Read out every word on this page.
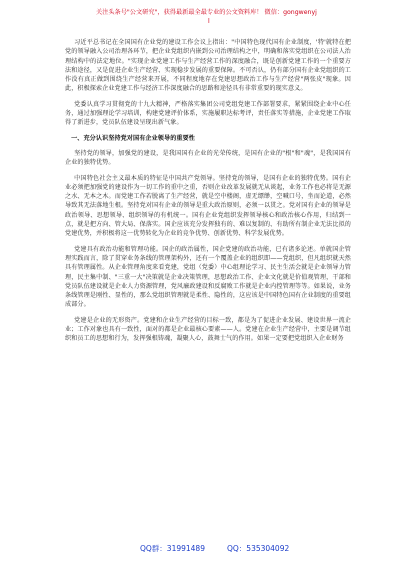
关注头条号"公文研究"，获得最新最全最专业的公文资料库！ 微信：gongwenyj
l

习近平总书记在全国国有企业党的建设工作会议上指出："中国特色现代国有企业制度，'特'就特在把党的领导融入公司治理各环节，把企业党组织内嵌到公司治理结构之中，明确和落实党组织在公司法人治理结构中的法定地位。"实现企业党建工作与生产经营工作的深度融合，既是创新党建工作的一个重要方法和途径，又是促进企业生产经营、实现稳步发展的重要保障。不可否认，仍有部分国有企业党组织的工作没有真正做到围绕生产经营来开展，不同程度地存在党建思想政治工作与生产经营"两张皮"现象。因此，积极探索企业党建工作与经济工作深度融合的思路和途径具有非常重要的现实意义。

党委认真学习贯彻党的十九大精神，严格落实集团公司党组党建工作部署要求，紧紧围绕企业中心任务，通过加强理论学习培训，构建党建评价体系，实施履职达标考评，责任落实等措施，企业党建工作取得了新进步，党员队伍建设呈现出新气象。

一、充分认识坚持党对国有企业领导的重要性

坚持党的领导，加强党的建设，是我国国有企业的光荣传统，是国有企业的"根"和"魂"，是我国国有企业的独特优势。

中国特色社会主义最本质的特征是中国共产党领导。坚持党的领导，是国有企业的独特优势。国有企业必须把加强党的建设作为一切工作的重中之重，否则企业改革发展就无从谈起，业务工作也必将是无源之水、无本之木。而党建工作若脱离了生产经营，就是空中楼阁，虚无缥缈，空喊口号，坐而论道，必然导致其无法落地生根。坚持党对国有企业的领导是重大政治原则，必须一以贯之。党对国有企业的领导是政治领导、思想领导、组织领导的有机统一。国有企业党组织发挥领导核心和政治核心作用，归结到一点，就是把方向、管大局、保落实。国企应该充分发挥独有的、难以复制的、有助所有制企业无法比拟的党建优势，并积极将这一优势转化为企业的竞争优势、创新优势、科学发展优势。

党建具有政治功能和管理功能。国企的政治属性，国企党建的政治功能，已有诸多论述。单就国企管理实践而言，除了贯穿业务条线的管理架构外，还有一个覆盖企业的组织即——党组织，但凡组织就天然具有管理属性。从企业管理角度来看党建，党组（党委）中心组理论学习、民主生活会就是企业领导力管理，民主集中制、"三重一大"决策就是企业决策管理，思想政治工作、企业文化就是价值观管理，干部和党员队伍建设就是企业人力资源管理，党风廉政建设和反腐败工作就是企业内控管理等等。如果说，业务条线管理是刚性、显性的，那么党组织管理就是柔性、隐性的，这应该是中国特色国有企业制度的重要组成部分。

党建是企业的无形资产。党建和企业生产经营的目标一致，都是为了促进企业发展、建设世界一流企业；工作对象也具有一致性，面对的都是企业最核心要素——人。党建在企业生产经营中，主要是调节组织和员工的思想和行为，发挥强根铸魂，凝聚人心，鼓舞士气的作用。如果一定要把党组织入企业财务

QQ群：31991489	QQ：535304092
